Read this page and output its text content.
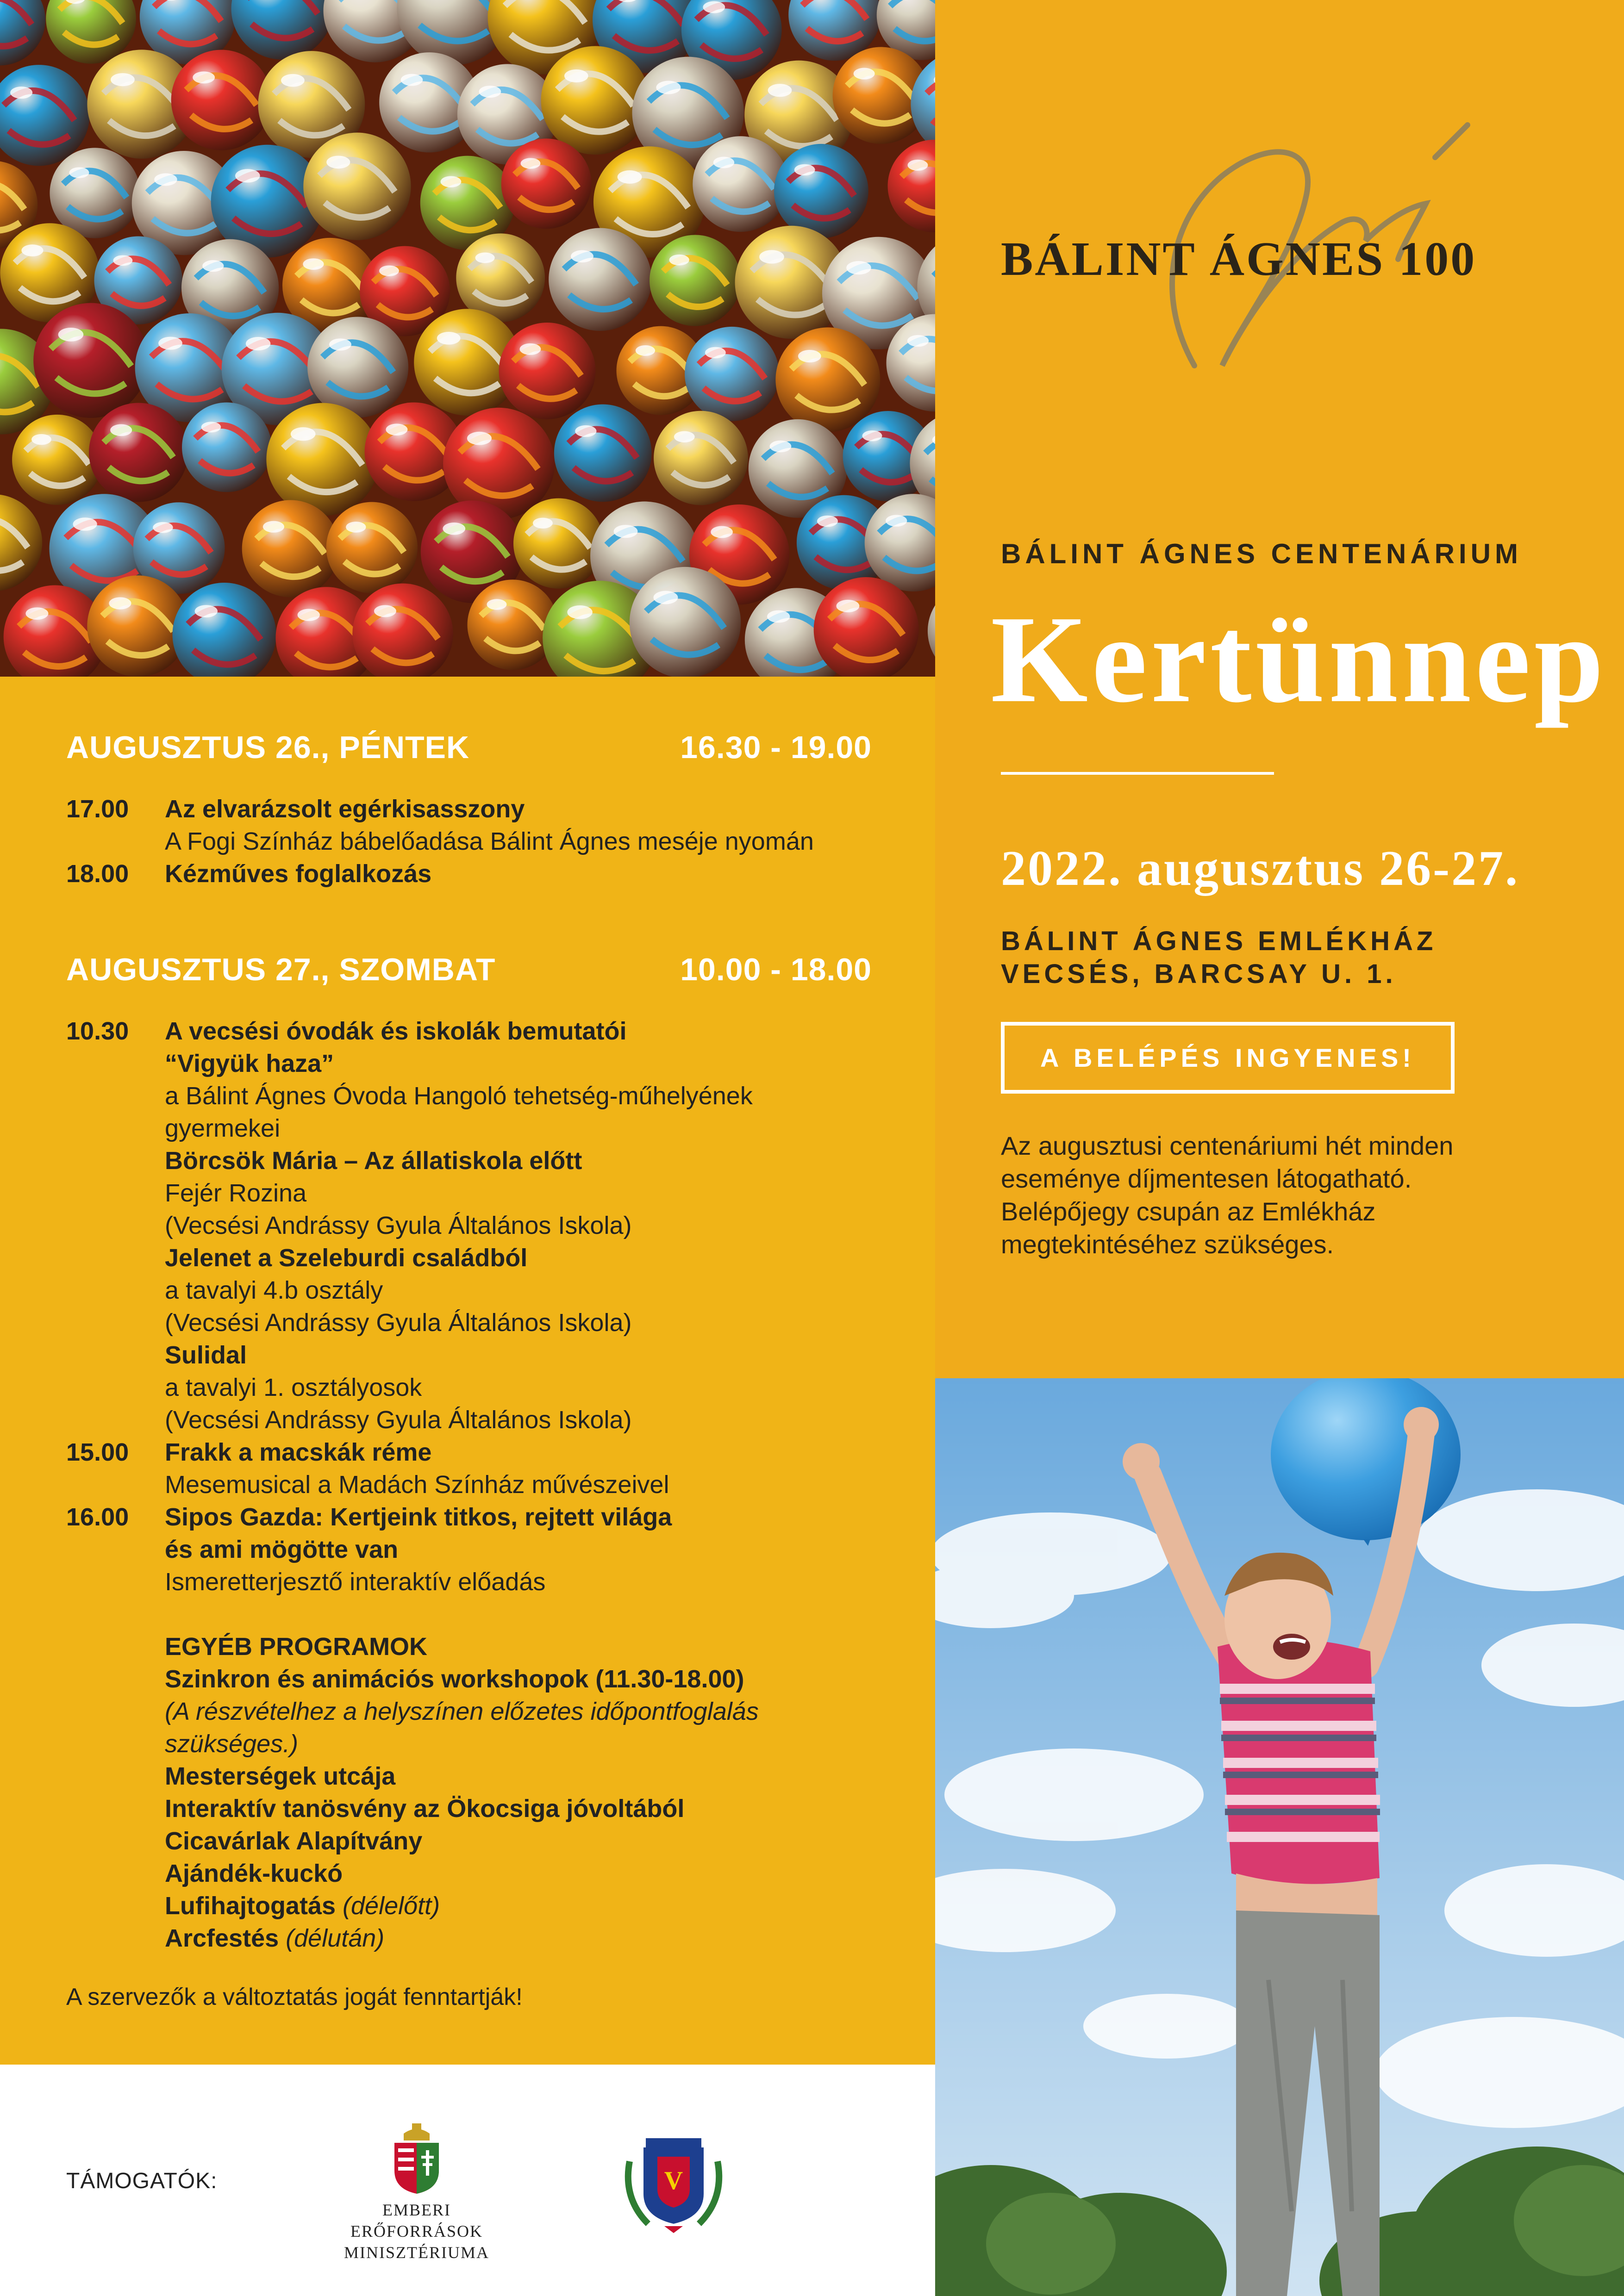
AUGUSZTUS 26., PÉNTEK	16.30 - 19.00
17.00	Az elvarázsolt egérkisasszony
A Fogi Színház bábelőadása Bálint Ágnes meséje nyomán
18.00	Kézműves foglalkozás
AUGUSZTUS 27., SZOMBAT	10.00 - 18.00
10.30	A vecsési óvodák és iskolák bemutatói
“Vigyük haza”
a Bálint Ágnes Óvoda Hangoló tehetség-műhelyének
gyermekei
Börcsök Mária – Az állatiskola előtt
Fejér Rozina
(Vecsési Andrássy Gyula Általános Iskola)
Jelenet a Szeleburdi családból
a tavalyi 4.b osztály
(Vecsési Andrássy Gyula Általános Iskola)
Sulidal
a tavalyi 1. osztályosok
(Vecsési Andrássy Gyula Általános Iskola)
15.00	Frakk a macskák réme
Mesemusical a Madách Színház művészeivel
16.00	Sipos Gazda: Kertjeink titkos, rejtett világa
és ami mögötte van
Ismeretterjesztő interaktív előadás
EGYÉB PROGRAMOK
Szinkron és animációs workshopok (11.30-18.00)
(A részvételhez a helyszínen előzetes időpontfoglalás
szükséges.)
Mesterségek utcája
Interaktív tanösvény az Ökocsiga jóvoltából
Cicavárlak Alapítvány
Ajándék-kuckó
Lufihajtogatás (délelőtt)
Arcfestés (délután)
A szervezők a változtatás jogát fenntartják!
TÁMOGATÓK:
EMBERI ERŐFORRÁSOK
MINISZTÉRIUMA
V
BÁLINT ÁGNES 100
BÁLINT ÁGNES CENTENÁRIUM
Kertünnep
2022. augusztus 26-27.
BÁLINT ÁGNES EMLÉKHÁZ
VECSÉS, BARCSAY U. 1.
A BELÉPÉS INGYENES!
Az augusztusi centenáriumi hét minden eseménye díjmentesen látogatható. Belépőjegy csupán az Emlékház megtekintéséhez szükséges.
